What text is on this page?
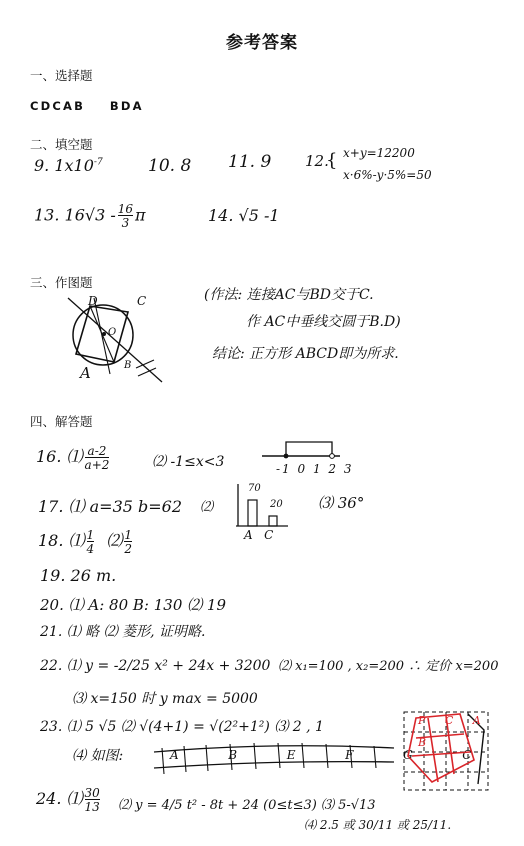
参考答案
一、选择题
CDCAB    BDA
二、填空题
9. $1x10^{-7}$	10. 8 11. 9 12.
{ x+y=12200
x·6%-y·5%=50
13. $16√3 - \frac{16}{3}$ π	14. √5 -1
三、作图题
D	C
O
A	B
(作法: 连接AC与BD交于C.
作 AC中垂线交圆于B.D)
结论: 正方形 ABCD即为所求.
四、解答题
16. ⑴ $\frac{a-2}{a+2}$	⑵ -1≤x<3	-1 0 1 2 3
17. ⑴ a=35 b=62 ⑵
70
20
A   C
⑶ 36°
18. ⑴ $\frac{1}{4}$ ⑵ $\frac{1}{2}$
19. 26 m.
20. ⑴ A: 80 B: 130 ⑵ 19
21. ⑴ 略 ⑵ 菱形, 证明略.
22. ⑴ y = -2/25 x² + 24x + 3200 ⑵ x₁=100 , x₂=200 ∴ 定价 x=200
⑶ x=150 时 y max = 5000
23. ⑴ 5 √5 ⑵ √(4+1) = √(2²+1²) ⑶ 2 , 1
⑷ 如图:	A  B  E  F  G  C
P C A B
24. ⑴ $\frac{30}{13}$ ⑵ y = 4/5 t² - 8t + 24 (0≤t≤3) ⑶ 5-√13
⑷ 2.5 或 30/11 或 25/11.
